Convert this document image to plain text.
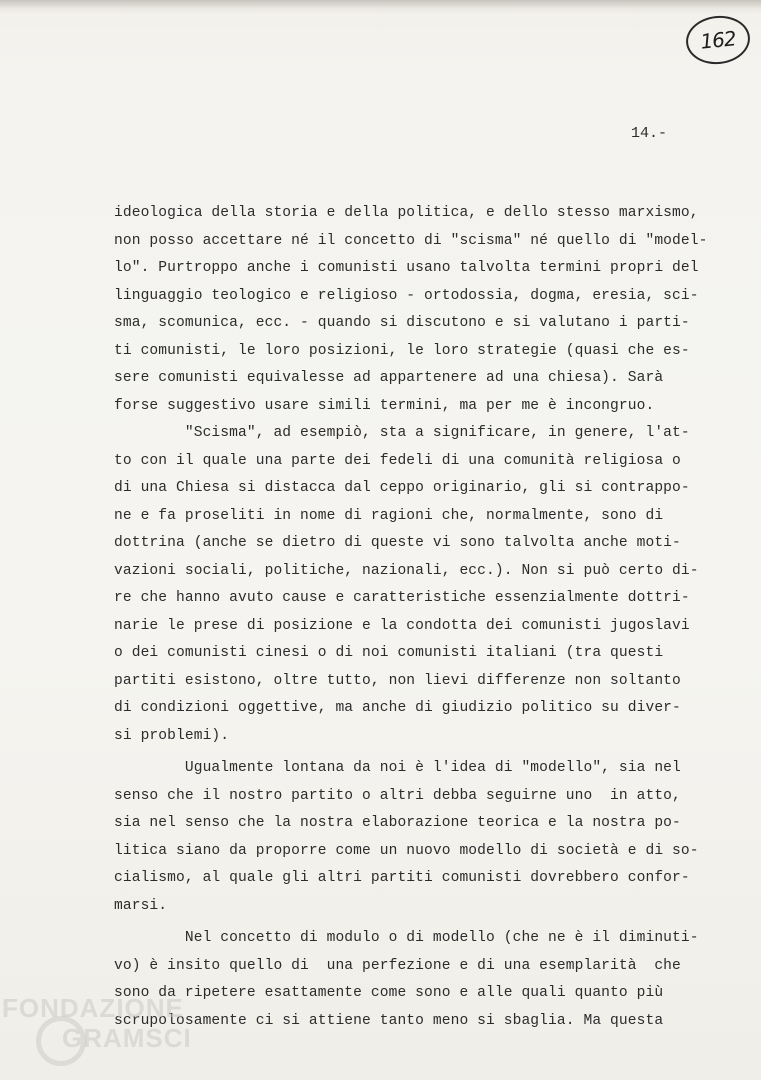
162
14.-
ideologica della storia e della politica, e dello stesso marxismo,
non posso accettare né il concetto di "scisma" né quello di "model-
lo". Purtroppo anche i comunisti usano talvolta termini propri del
linguaggio teologico e religioso - ortodossia, dogma, eresia, sci-
sma, scomunica, ecc. - quando si discutono e si valutano i parti-
ti comunisti, le loro posizioni, le loro strategie (quasi che es-
sere comunisti equivalesse ad appartenere ad una chiesa). Sarà
forse suggestivo usare simili termini, ma per me è incongruo.
"Scisma", ad esempiò, sta a significare, in genere, l'at-
to con il quale una parte dei fedeli di una comunità religiosa o
di una Chiesa si distacca dal ceppo originario, gli si contrappo-
ne e fa proseliti in nome di ragioni che, normalmente, sono di
dottrina (anche se dietro di queste vi sono talvolta anche moti-
vazioni sociali, politiche, nazionali, ecc.). Non si può certo di-
re che hanno avuto cause e caratteristiche essenzialmente dottri-
narie le prese di posizione e la condotta dei comunisti jugoslavi
o dei comunisti cinesi o di noi comunisti italiani (tra questi
partiti esistono, oltre tutto, non lievi differenze non soltanto
di condizioni oggettive, ma anche di giudizio politico su diver-
si problemi).
Ugualmente lontana da noi è l'idea di "modello", sia nel
senso che il nostro partito o altri debba seguirne uno  in atto,
sia nel senso che la nostra elaborazione teorica e la nostra po-
litica siano da proporre come un nuovo modello di società e di so-
cialismo, al quale gli altri partiti comunisti dovrebbero confor-
marsi.
Nel concetto di modulo o di modello (che ne è il diminuti-
vo) è insito quello di  una perfezione e di una esemplarità  che
sono da ripetere esattamente come sono e alle quali quanto più
scrupolosamente ci si attiene tanto meno si sbaglia. Ma questa
FONDAZIONE
GRAMSCI
